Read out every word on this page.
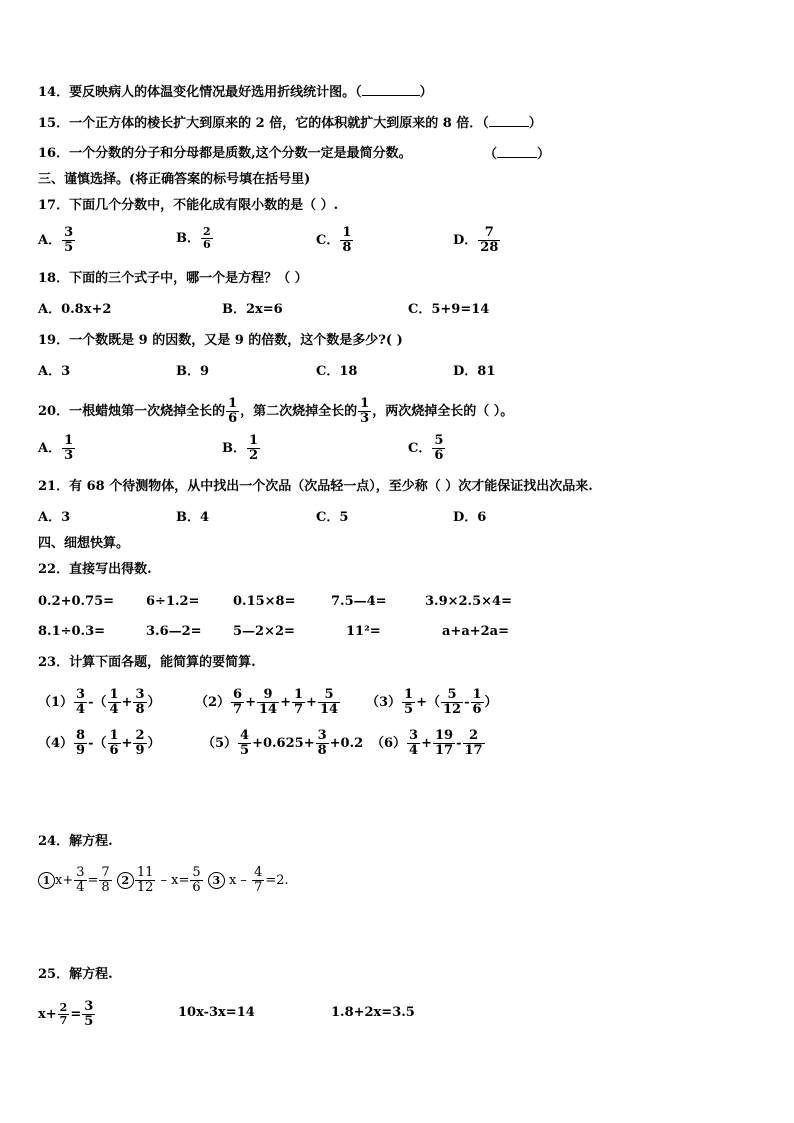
14．要反映病人的体温变化情况最好选用折线统计图。（	）
15．一个正方体的棱长扩大到原来的 2 倍，它的体积就扩大到原来的 8 倍．（	）
16．一个分数的分子和分母都是质数,这个分数一定是最简分数。	（	）
三、谨慎选择。(将正确答案的标号填在括号里)
17．下面几个分数中，不能化成有限小数的是（ ）.
A． $\frac{3}{5}$	B． $\frac{2}{6}$	C． $\frac{1}{8}$	D． $\frac{7}{28}$
18．下面的三个式子中，哪一个是方程？（ ）
A．0.8x+2	B．2x=6	C．5+9=14
19．一个数既是 9 的因数，又是 9 的倍数，这个数是多少?( )
A．3	B．9	C．18	D．81
20．一根蜡烛第一次烧掉全长的 $\frac{1}{6}$ ，第二次烧掉全长的 $\frac{1}{3}$ ，两次烧掉全长的（ ）。
A． $\frac{1}{3}$	B． $\frac{1}{2}$	C． $\frac{5}{6}$
21．有 68 个待测物体，从中找出一个次品（次品轻一点），至少称（ ）次才能保证找出次品来.
A．3	B．4	C．5	D．6
四、细想快算。
22．直接写出得数.
0.2+0.75= 6÷1.2=	0.15×8=	7.5—4=	3.9×2.5×4=
8.1÷0.3=	3.6—2= 5—2×2=	11²=	a+a+2a=
23．计算下面各题，能简算的要简算.
$(1) \frac{3}{4}$ -（ $\frac{1}{4} + \frac{3}{8}$ ）	$(2) \frac{6}{7} + \frac{9}{14} + \frac{1}{7} + \frac{5}{14} (3) \frac{1}{5}$ +（ $\frac{5}{12} - \frac{1}{6}$ ）
$(4) \frac{8}{9}$ -（ $\frac{1}{6} + \frac{2}{9}$ ）	$(5) \frac{4}{5} +0.625+ \frac{3}{8} +0.2$ $(6) \frac{3}{4} + \frac{19}{17} - \frac{2}{17}$
24．解方程.
1 $x+ \frac{3}{4} = \frac{7}{8} 2 \frac{11}{12} - x= \frac{5}{6} 3$ $x - \frac{4}{7} =2$.
25．解方程.
$x+ \frac{2}{7} = \frac{3}{5}$	10x-3x=14	1.8+2x=3.5
